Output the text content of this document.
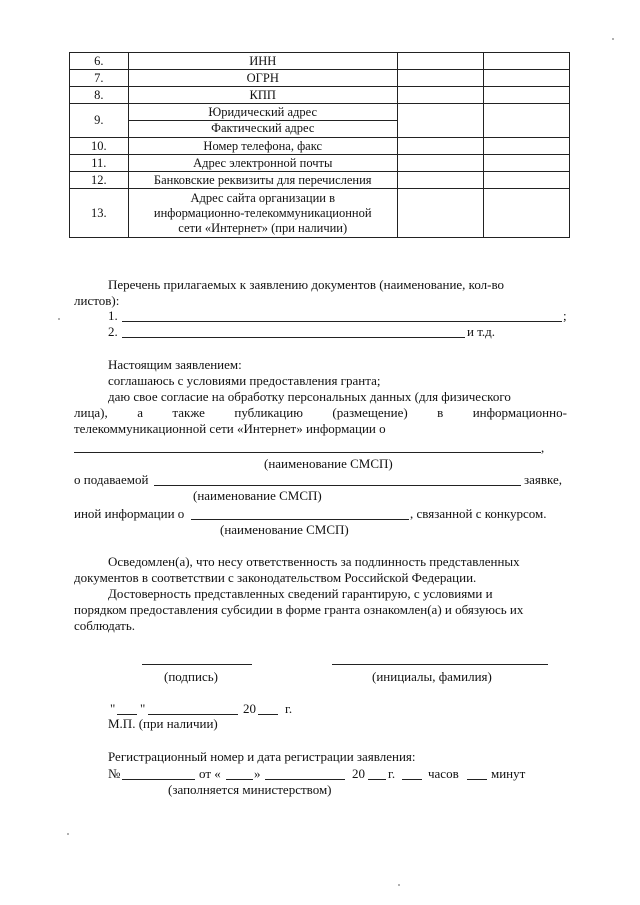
6.	ИНН		
7.	ОГРН		
8.	КПП		
9.	Юридический адрес
Фактический адрес		

10.	Номер телефона, факс		
11.	Адрес электронной почты		
12.	Банковские реквизиты для перечисления		
13.	Адрес сайта организации в
информационно-телекоммуникационной
сети «Интернет» (при наличии)		

Перечень прилагаемых к заявлению документов (наименование, кол-во
листов):
1.	;
2.	и т.д.
Настоящим заявлением:
соглашаюсь с условиями предоставления гранта;
даю свое согласие на обработку персональных данных (для физического
лица), а также публикацию (размещение) в информационно-
телекоммуникационной сети «Интернет» информации о
,
(наименование СМСП)
о подаваемой	заявке,
(наименование СМСП)
иной информации о	, связанной с конкурсом.
(наименование СМСП)
Осведомлен(а), что несу ответственность за подлинность представленных
документов в соответствии с законодательством Российской Федерации.
Достоверность представленных сведений гарантирую, с условиями и
порядком предоставления субсидии в форме гранта ознакомлен(а) и обязуюсь их
соблюдать.
(подпись)	(инициалы, фамилия)
" "	20 г.
М.П. (при наличии)
Регистрационный номер и дата регистрации заявления:
№	от «	»	20 г.	часов минут
(заполняется министерством)
